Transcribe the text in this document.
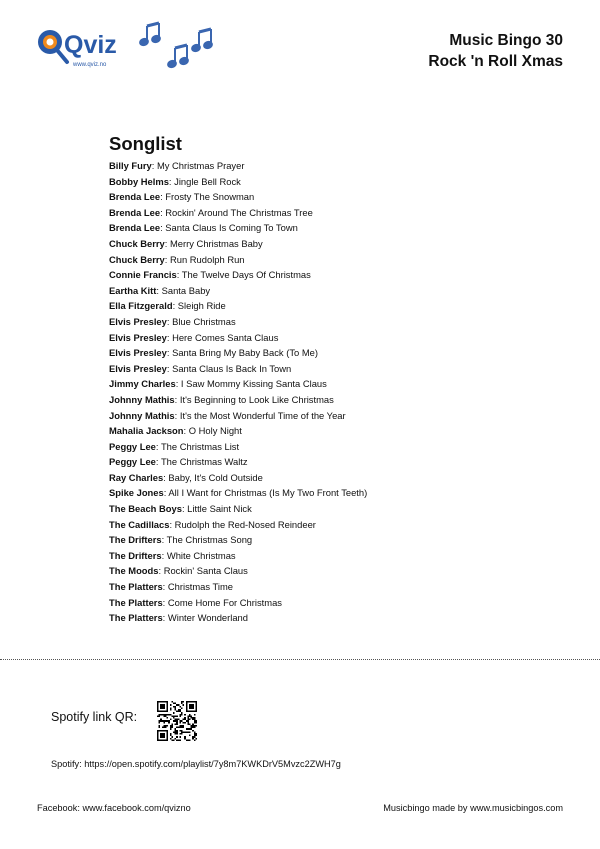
Qviz
www.qviz.no
Music Bingo 30
Rock 'n Roll Xmas
Songlist
Billy Fury: My Christmas Prayer
Bobby Helms: Jingle Bell Rock
Brenda Lee: Frosty The Snowman
Brenda Lee: Rockin' Around The Christmas Tree
Brenda Lee: Santa Claus Is Coming To Town
Chuck Berry: Merry Christmas Baby
Chuck Berry: Run Rudolph Run
Connie Francis: The Twelve Days Of Christmas
Eartha Kitt: Santa Baby
Ella Fitzgerald: Sleigh Ride
Elvis Presley: Blue Christmas
Elvis Presley: Here Comes Santa Claus
Elvis Presley: Santa Bring My Baby Back (To Me)
Elvis Presley: Santa Claus Is Back In Town
Jimmy Charles: I Saw Mommy Kissing Santa Claus
Johnny Mathis: It's Beginning to Look Like Christmas
Johnny Mathis: It's the Most Wonderful Time of the Year
Mahalia Jackson: O Holy Night
Peggy Lee: The Christmas List
Peggy Lee: The Christmas Waltz
Ray Charles: Baby, It's Cold Outside
Spike Jones: All I Want for Christmas (Is My Two Front Teeth)
The Beach Boys: Little Saint Nick
The Cadillacs: Rudolph the Red-Nosed Reindeer
The Drifters: The Christmas Song
The Drifters: White Christmas
The Moods: Rockin' Santa Claus
The Platters: Christmas Time
The Platters: Come Home For Christmas
The Platters: Winter Wonderland
Spotify link QR:
Spotify: https://open.spotify.com/playlist/7y8m7KWKDrV5Mvzc2ZWH7g
Facebook: www.facebook.com/qvizno	Musicbingo made by www.musicbingos.com
